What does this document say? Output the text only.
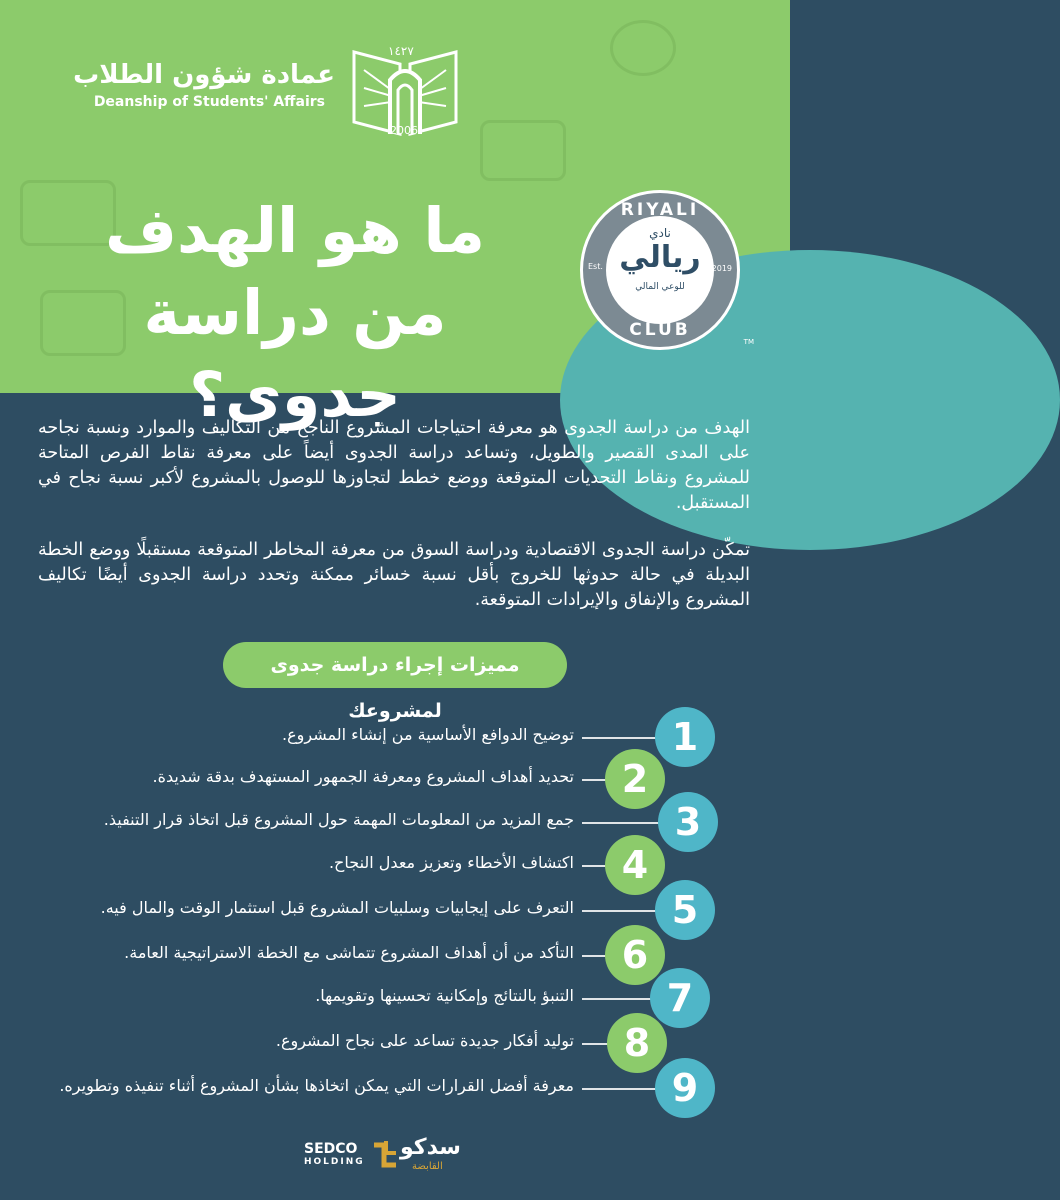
عمادة شؤون الطلاب
Deanship of Students' Affairs
١٤٢٧
2006
ما هو الهدف
من دراسة جدوى؟
RIYALI
CLUB
Est.	2019
نادي
ريالي
للوعي المالي
TM
الهدف من دراسة الجدوى هو معرفة احتياجات المشروع الناجح من التكاليف والموارد ونسبة نجاحه على المدى القصير والطويل، وتساعد دراسة الجدوى أيضاً على معرفة نقاط الفرص المتاحة للمشروع ونقاط التحديات المتوقعة ووضع خطط لتجاوزها للوصول بالمشروع لأكبر نسبة نجاح في المستقبل.
تمكّن دراسة الجدوى الاقتصادية ودراسة السوق من معرفة المخاطر المتوقعة مستقبلًا ووضع الخطة البديلة في حالة حدوثها للخروج بأقل نسبة خسائر ممكنة وتحدد دراسة الجدوى أيضًا تكاليف المشروع والإنفاق والإيرادات المتوقعة.
مميزات إجراء دراسة جدوى لمشروعك
1
توضيح الدوافع الأساسية من إنشاء المشروع.
2
تحديد أهداف المشروع ومعرفة الجمهور المستهدف بدقة شديدة.
3
جمع المزيد من المعلومات المهمة حول المشروع قبل اتخاذ قرار التنفيذ.
4
اكتشاف الأخطاء وتعزيز معدل النجاح.
5
التعرف على إيجابيات وسلبيات المشروع قبل استثمار الوقت والمال فيه.
6
التأكد من أن أهداف المشروع تتماشى مع الخطة الاستراتيجية العامة.
7
التنبؤ بالنتائج وإمكانية تحسينها وتقويمها.
8
توليد أفكار جديدة تساعد على نجاح المشروع.
9
معرفة أفضل القرارات التي يمكن اتخاذها بشأن المشروع أثناء تنفيذه وتطويره.
SEDCO
HOLDING
سدكو
القابضة
